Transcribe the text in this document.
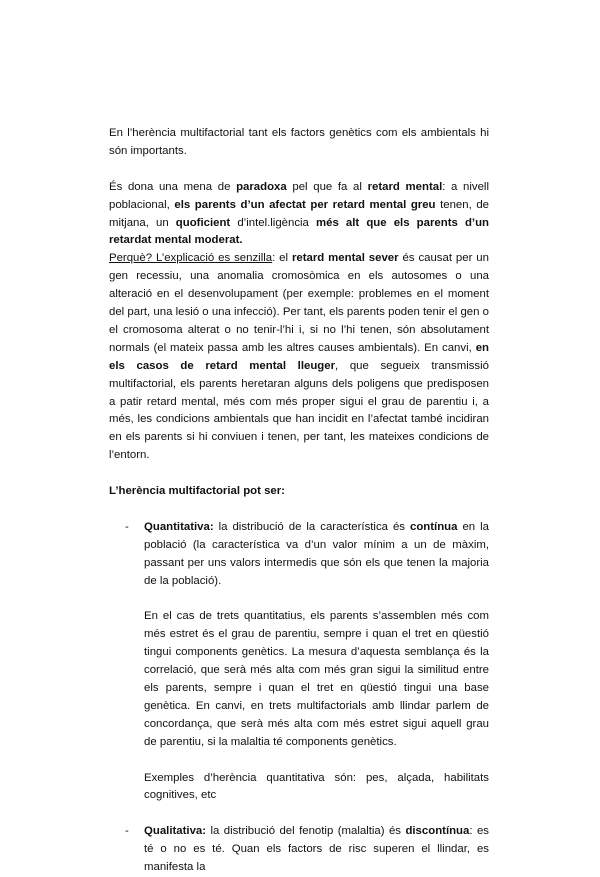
En l’herència multifactorial tant els factors genètics com els ambientals hi són importants.

És dona una mena de paradoxa pel que fa al retard mental: a nivell poblacional, els parents d’un afectat per retard mental greu tenen, de mitjana, un quoficient d’intel.ligència més alt que els parents d’un retardat mental moderat.

Perquè? L’explicació es senzilla: el retard mental sever és causat per un gen recessiu, una anomalia cromosòmica en els autosomes o una alteració en el desenvolupament (per exemple: problemes en el moment del part, una lesió o una infecció). Per tant, els parents poden tenir el gen o el cromosoma alterat o no tenir-l’hi i, si no l’hi tenen, són absolutament normals (el mateix passa amb les altres causes ambientals). En canvi, en els casos de retard mental lleuger, que segueix transmissió multifactorial, els parents heretaran alguns dels poligens que predisposen a patir retard mental, més com més proper sigui el grau de parentiu i, a més, les condicions ambientals que han incidit en l’afectat també incidiran en els parents si hi conviuen i tenen, per tant, les mateixes condicions de l’entorn.

L’herència multifactorial pot ser:

- Quantitativa: la distribució de la característica és contínua en la població (la característica va d’un valor mínim a un de màxim, passant per uns valors intermedis que són els que tenen la majoria de la població).

En el cas de trets quantitatius, els parents s’assemblen més com més estret és el grau de parentiu, sempre i quan el tret en qüestió tingui components genètics. La mesura d’aquesta semblança és la correlació, que serà més alta com més gran sigui la similitud entre els parents, sempre i quan el tret en qüestió tingui una base genètica. En canvi, en trets multifactorials amb llindar parlem de concordança, que serà més alta com més estret sigui aquell grau de parentiu, si la malaltia té components genètics.

Exemples d’herència quantitativa són: pes, alçada, habilitats cognitives, etc

- Qualitativa: la distribució del fenotip (malaltia) és discontínua: es té o no es té. Quan els factors de risc superen el llindar, es manifesta la
